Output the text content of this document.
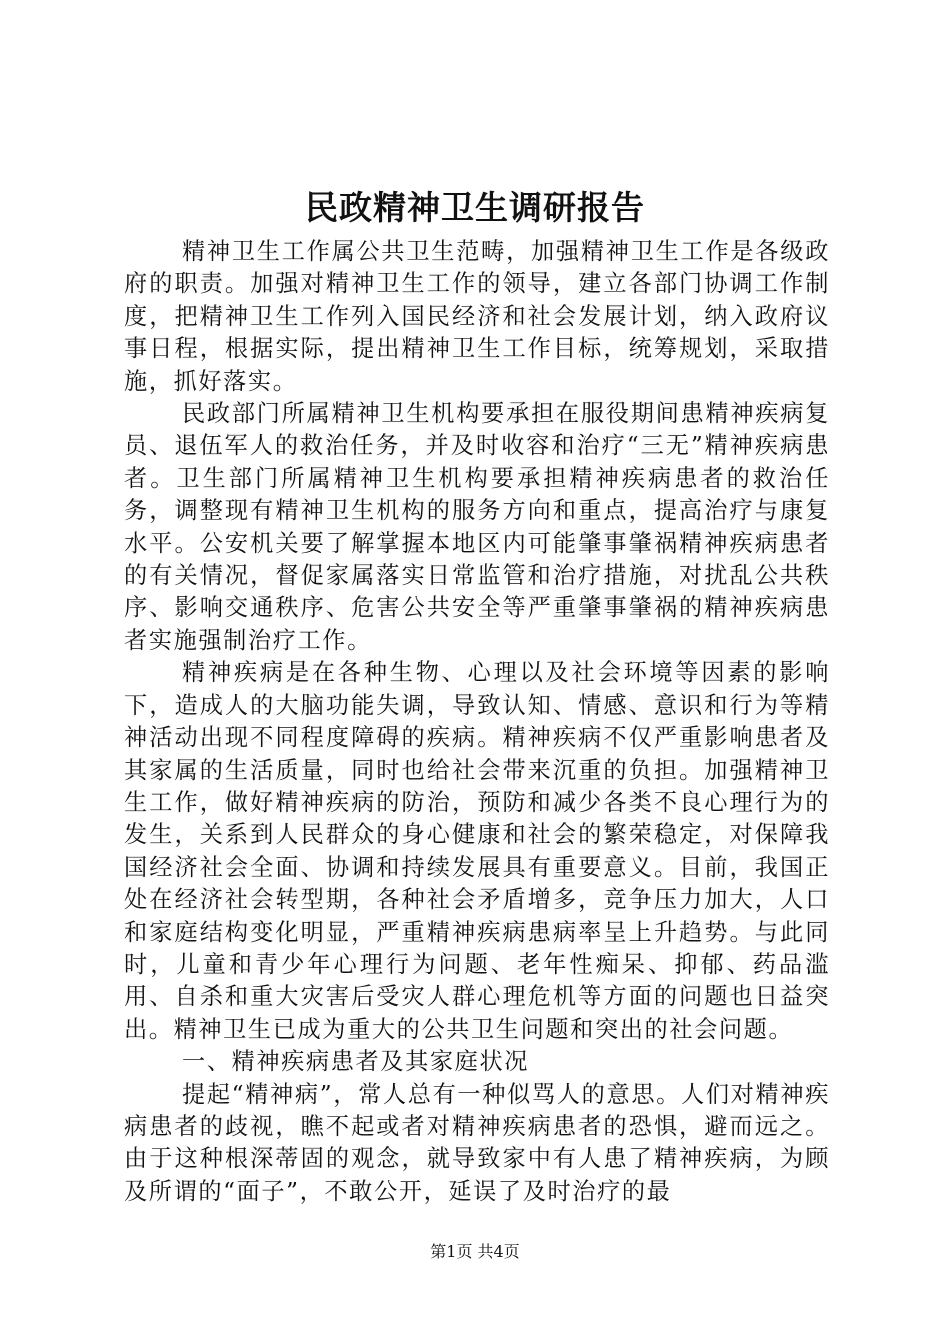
民政精神卫生调研报告

精神卫生工作属公共卫生范畴，加强精神卫生工作是各级政府的职责。加强对精神卫生工作的领导，建立各部门协调工作制度，把精神卫生工作列入国民经济和社会发展计划，纳入政府议事日程，根据实际，提出精神卫生工作目标，统筹规划，采取措施，抓好落实。

民政部门所属精神卫生机构要承担在服役期间患精神疾病复员、退伍军人的救治任务，并及时收容和治疗“三无”精神疾病患者。卫生部门所属精神卫生机构要承担精神疾病患者的救治任务，调整现有精神卫生机构的服务方向和重点，提高治疗与康复水平。公安机关要了解掌握本地区内可能肇事肇祸精神疾病患者的有关情况，督促家属落实日常监管和治疗措施，对扰乱公共秩序、影响交通秩序、危害公共安全等严重肇事肇祸的精神疾病患者实施强制治疗工作。

精神疾病是在各种生物、心理以及社会环境等因素的影响下，造成人的大脑功能失调，导致认知、情感、意识和行为等精神活动出现不同程度障碍的疾病。精神疾病不仅严重影响患者及其家属的生活质量，同时也给社会带来沉重的负担。加强精神卫生工作，做好精神疾病的防治，预防和减少各类不良心理行为的发生，关系到人民群众的身心健康和社会的繁荣稳定，对保障我国经济社会全面、协调和持续发展具有重要意义。目前，我国正处在经济社会转型期，各种社会矛盾增多，竞争压力加大，人口和家庭结构变化明显，严重精神疾病患病率呈上升趋势。与此同时，儿童和青少年心理行为问题、老年性痴呆、抑郁、药品滥用、自杀和重大灾害后受灾人群心理危机等方面的问题也日益突出。精神卫生已成为重大的公共卫生问题和突出的社会问题。

一、精神疾病患者及其家庭状况

提起“精神病”，常人总有一种似骂人的意思。人们对精神疾病患者的歧视，瞧不起或者对精神疾病患者的恐惧，避而远之。由于这种根深蒂固的观念，就导致家中有人患了精神疾病，为顾及所谓的“面子”，不敢公开，延误了及时治疗的最

第1页 共4页
